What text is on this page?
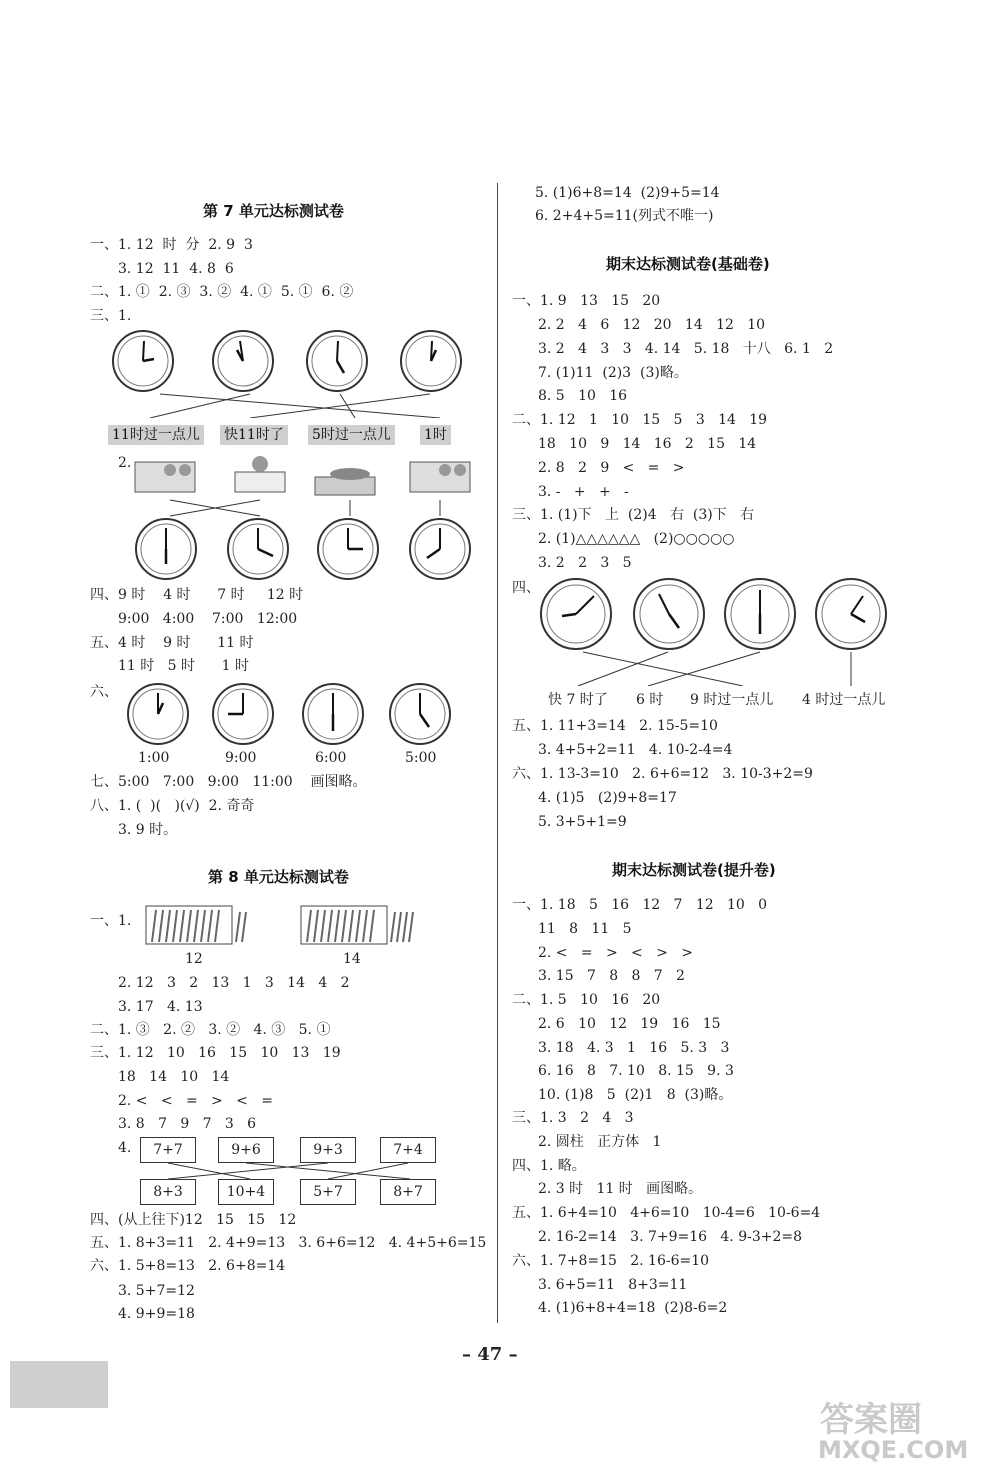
第 7 单元达标测试卷
一、1. 12  时  分  2. 9  3
3. 12  11  4. 8  6
二、1. ①  2. ③  3. ②  4. ①  5. ①  6. ②
三、1.
11时过一点儿 快11时了 5时过一点儿 1时
2.
四、9 时    4 时      7 时     12 时
9:00   4:00    7:00   12:00
五、4 时    9 时      11 时
11 时   5 时      1 时
六、
1:00	9:00	6:00	5:00
七、5:00   7:00   9:00   11:00    画图略。
八、1. (  )(   )(√)  2. 奇奇
3. 9 时。
第 8 单元达标测试卷
一、1.
12	14
2. 12   3   2   13   1   3   14   4   2
3. 17   4. 13
二、1. ③   2. ②   3. ②   4. ③   5. ①
三、1. 12   10   16   15   10   13   19
18   14   10   14
2. <   <   =   >   <   =
3. 8   7   9   7   3   6
4.	7+7	9+6	9+3	7+4
8+3	10+4	5+7	8+7
四、(从上往下)12   15   15   12
五、1. 8+3=11   2. 4+9=13   3. 6+6=12   4. 4+5+6=15
六、1. 5+8=13   2. 6+8=14
3. 5+7=12
4. 9+9=18
5. (1)6+8=14  (2)9+5=14
6. 2+4+5=11(列式不唯一)
期末达标测试卷(基础卷)
一、1. 9   13   15   20
2. 2   4   6   12   20   14   12   10
3. 2   4   3   3   4. 14   5. 18   十八   6. 1   2
7. (1)11  (2)3  (3)略。
8. 5   10   16
二、1. 12   1   10   15   5   3   14   19
18   10   9   14   16   2   15   14
2. 8   2   9   <   =   >
3. -   +   +   -
三、1. (1)下   上  (2)4   右  (3)下   右
2. (1)△△△△△△   (2)○○○○○
3. 2   2   3   5
四、
快 7 时了 6 时 9 时过一点儿 4 时过一点儿
五、1. 11+3=14   2. 15-5=10
3. 4+5+2=11   4. 10-2-4=4
六、1. 13-3=10   2. 6+6=12   3. 10-3+2=9
4. (1)5   (2)9+8=17
5. 3+5+1=9
期末达标测试卷(提升卷)
一、1. 18   5   16   12   7   12   10   0
11   8   11   5
2. <   =   >   <   >   >
3. 15   7   8   8   7   2
二、1. 5   10   16   20
2. 6   10   12   19   16   15
3. 18   4. 3   1   16   5. 3   3
6. 16   8   7. 10   8. 15   9. 3
10. (1)8   5  (2)1   8  (3)略。
三、1. 3   2   4   3
2. 圆柱   正方体   1
四、1. 略。
2. 3 时   11 时   画图略。
五、1. 6+4=10   4+6=10   10-4=6   10-6=4
2. 16-2=14   3. 7+9=16   4. 9-3+2=8
六、1. 7+8=15   2. 16-6=10
3. 6+5=11   8+3=11
4. (1)6+8+4=18  (2)8-6=2
– 47 –
答案圈
MXQE.COM
